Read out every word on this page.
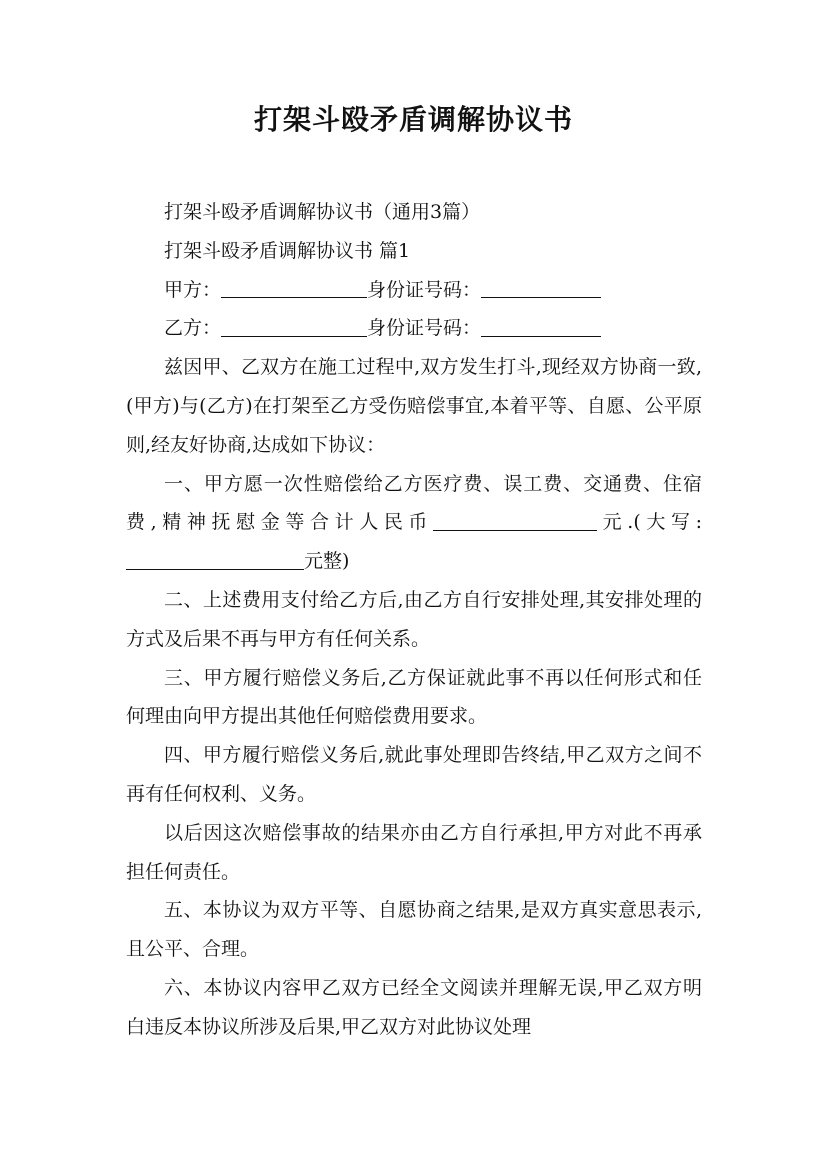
打架斗殴矛盾调解协议书

打架斗殴矛盾调解协议书（通用3篇）

打架斗殴矛盾调解协议书 篇1

甲方：	身份证号码：

乙方：	身份证号码：

兹因甲、乙双方在施工过程中,双方发生打斗,现经双方协商一致,(甲方)与(乙方)在打架至乙方受伤赔偿事宜,本着平等、自愿、公平原则,经友好协商,达成如下协议：

一、甲方愿一次性赔偿给乙方医疗费、误工费、交通费、住宿费,精神抚慰金等合计人民币	元.(大写: 元整)

二、上述费用支付给乙方后,由乙方自行安排处理,其安排处理的方式及后果不再与甲方有任何关系。

三、甲方履行赔偿义务后,乙方保证就此事不再以任何形式和任何理由向甲方提出其他任何赔偿费用要求。

四、甲方履行赔偿义务后,就此事处理即告终结,甲乙双方之间不再有任何权利、义务。

以后因这次赔偿事故的结果亦由乙方自行承担,甲方对此不再承担任何责任。

五、本协议为双方平等、自愿协商之结果,是双方真实意思表示,且公平、合理。

六、本协议内容甲乙双方已经全文阅读并理解无误,甲乙双方明白违反本协议所涉及后果,甲乙双方对此协议处理
